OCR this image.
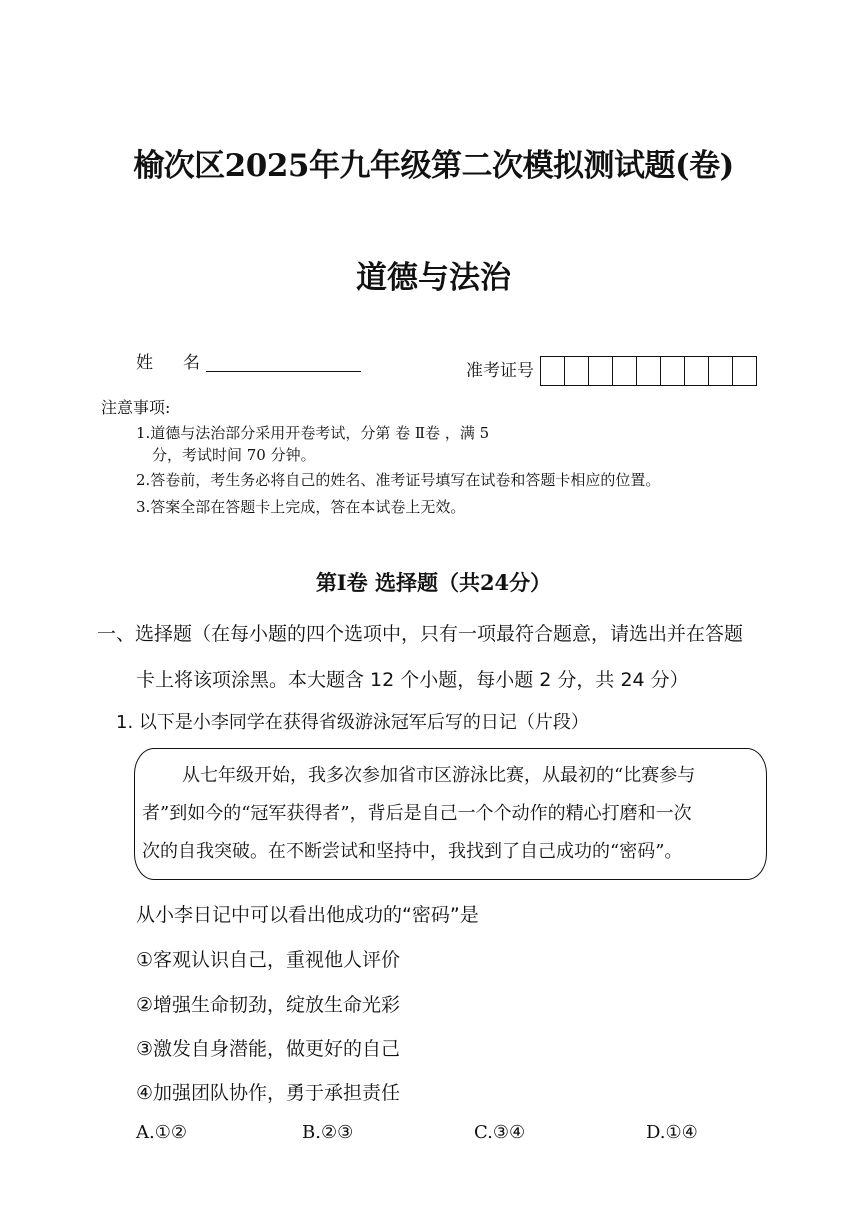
榆次区2025年九年级第二次模拟测试题(卷)
道德与法治
姓名	准考证号
注意事项:
1.道德与法治部分采用开卷考试，分第 卷 Ⅱ卷 ，满 5
分，考试时间 70 分钟。
2.答卷前，考生务必将自己的姓名、准考证号填写在试卷和答题卡相应的位置。
3.答案全部在答题卡上完成，答在本试卷上无效。
第Ⅰ卷 选择题（共24分）
一、选择题（在每小题的四个选项中，只有一项最符合题意，请选出并在答题
卡上将该项涂黑。本大题含 12 个小题，每小题 2 分，共 24 分）
1. 以下是小李同学在获得省级游泳冠军后写的日记（片段）
从七年级开始，我多次参加省市区游泳比赛，从最初的“比赛参与
者”到如今的“冠军获得者”，背后是自己一个个动作的精心打磨和一次
次的自我突破。在不断尝试和坚持中，我找到了自己成功的“密码”。
从小李日记中可以看出他成功的“密码”是
①客观认识自己，重视他人评价
②增强生命韧劲，绽放生命光彩
③激发自身潜能，做更好的自己
④加强团队协作，勇于承担责任
A.①②	B.②③	C.③④	D.①④
